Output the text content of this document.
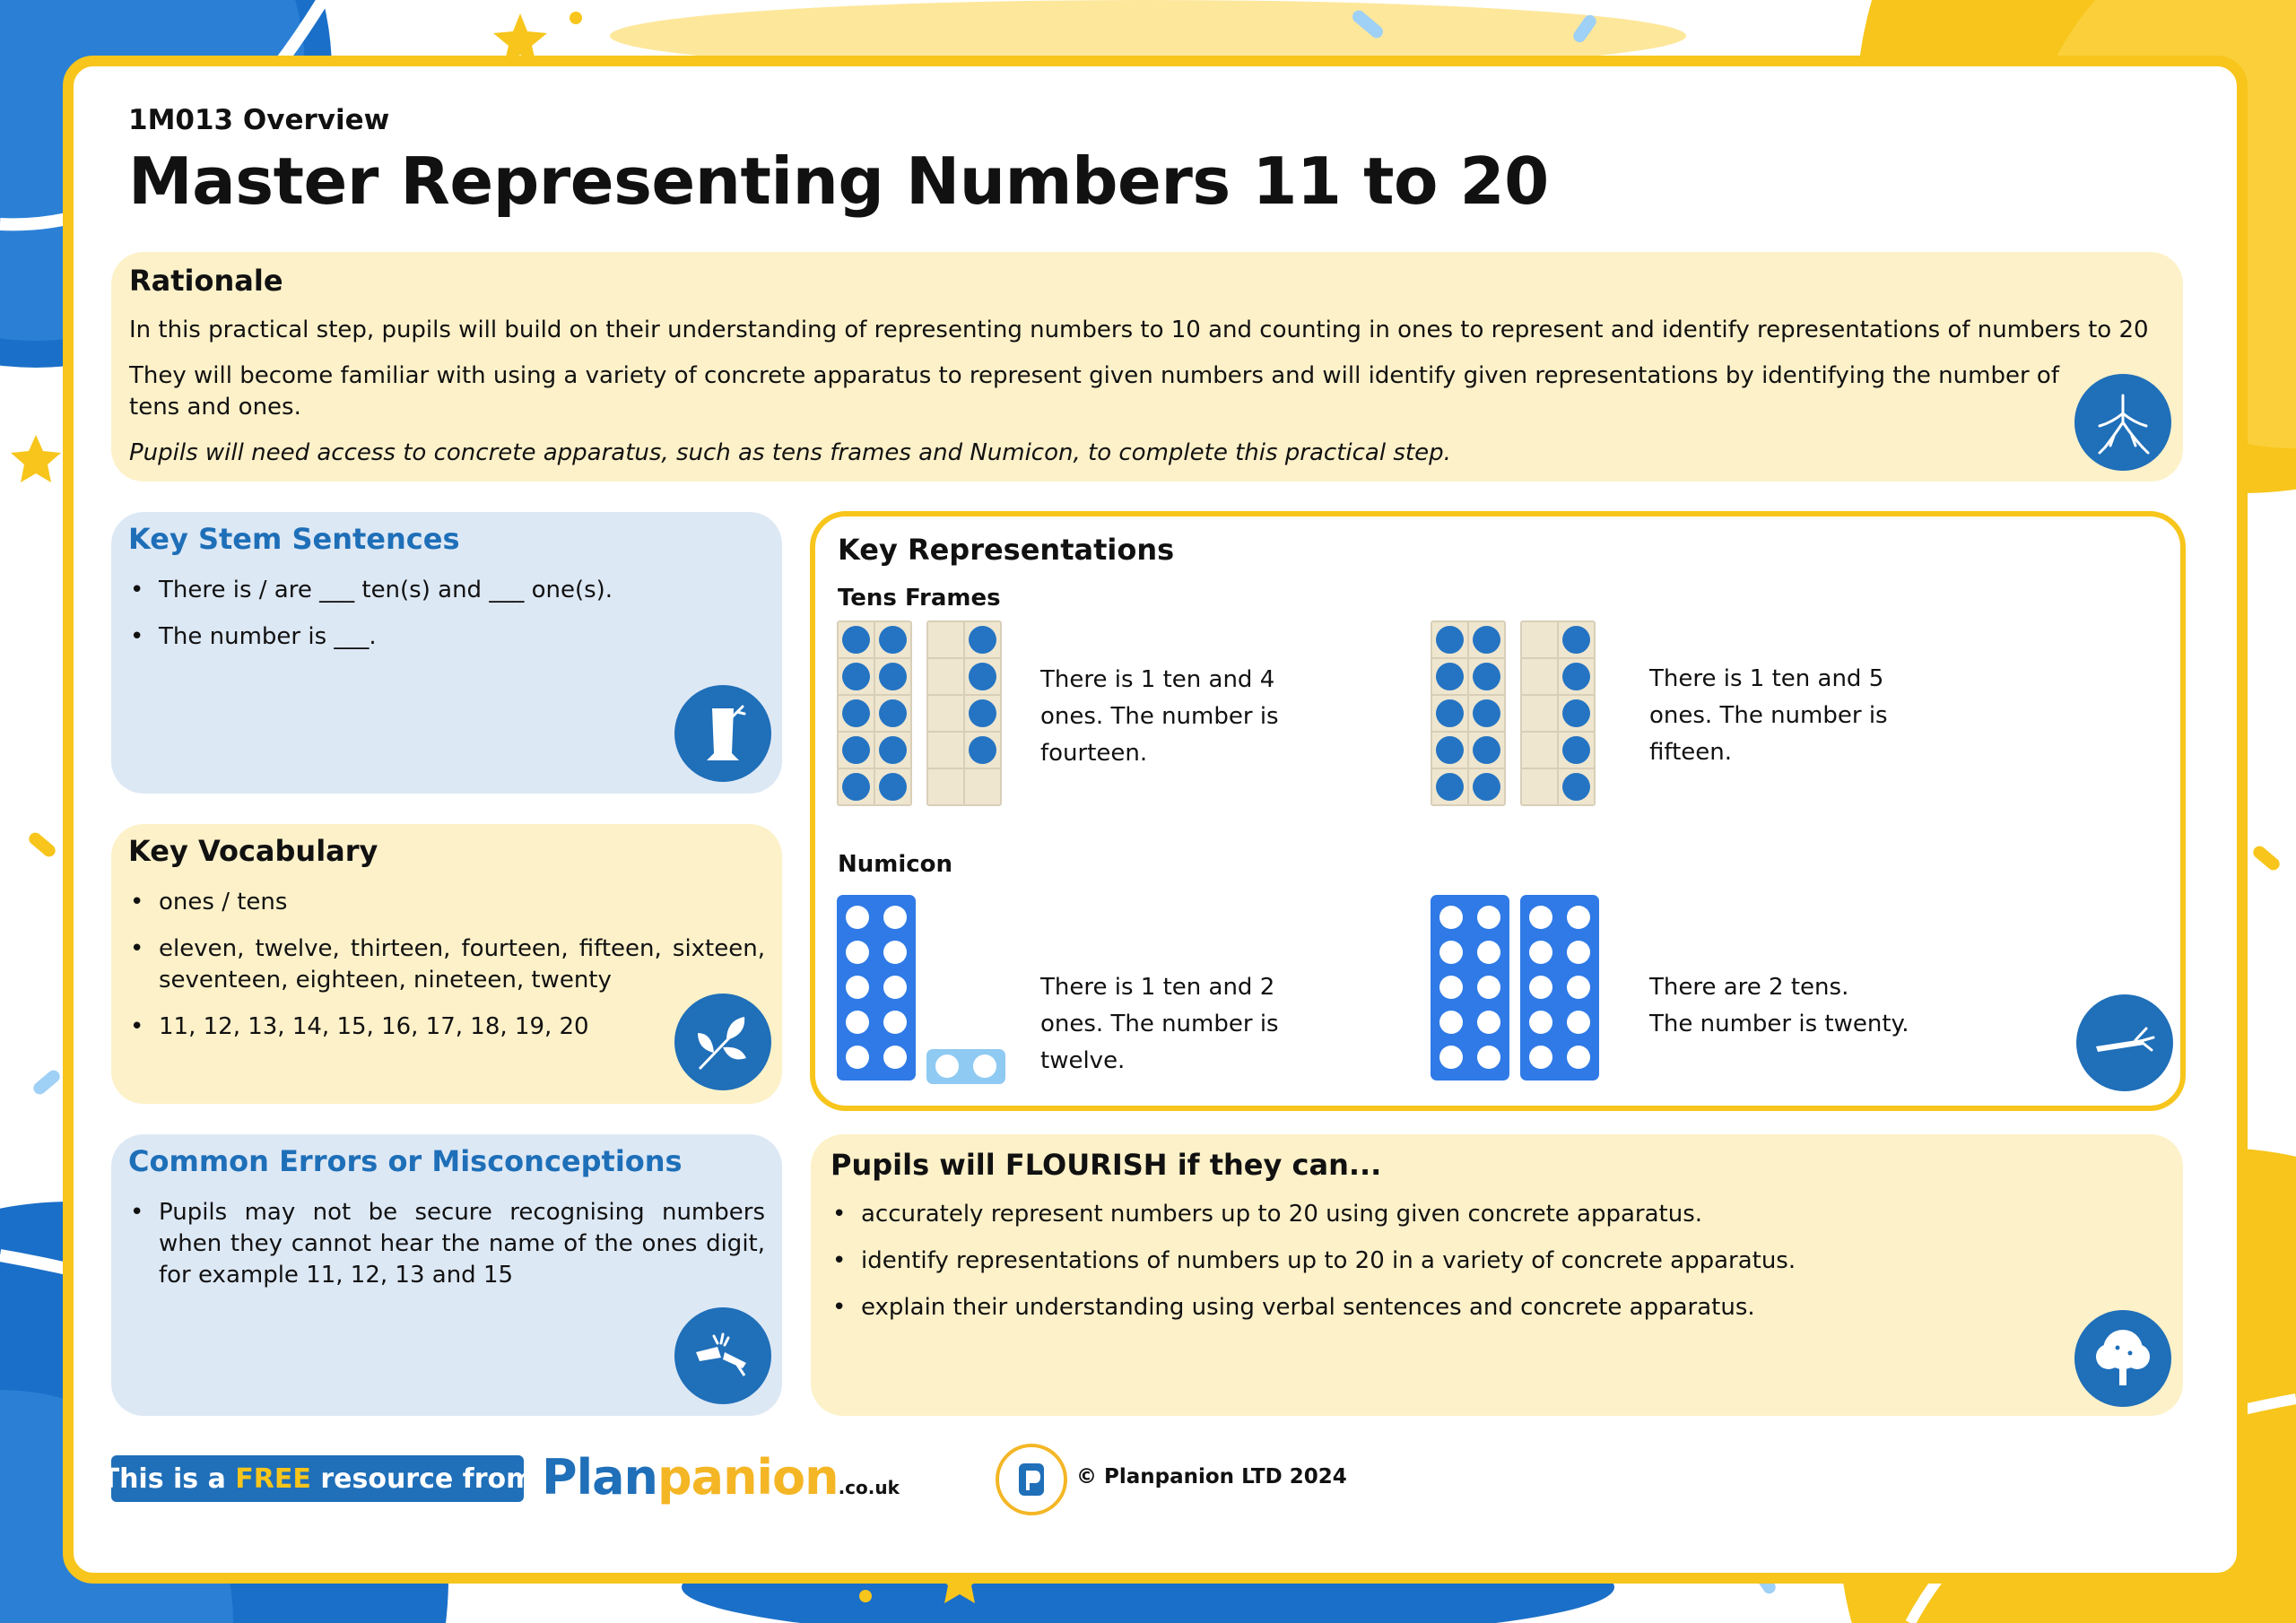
1M013 Overview
Master Representing Numbers 11 to 20
Rationale
In this practical step, pupils will build on their understanding of representing numbers to 10 and counting in ones to represent and identify representations of numbers to 20
They will become familiar with using a variety of concrete apparatus to represent given numbers and will identify given representations by identifying the number of tens and ones.
Pupils will need access to concrete apparatus, such as tens frames and Numicon, to complete this practical step.
Key Stem Sentences
• There is / are ___ ten(s) and ___ one(s).
• The number is ___.
Key Vocabulary
• ones / tens
• eleven, twelve, thirteen, fourteen, fifteen, sixteen, seventeen, eighteen, nineteen, twenty
• 11, 12, 13, 14, 15, 16, 17, 18, 19, 20
Common Errors or Misconceptions
• Pupils may not be secure recognising numbers when they cannot hear the name of the ones digit, for example 11, 12, 13 and 15
Key Representations
Tens Frames
There is 1 ten and 4 ones. The number is fourteen.
There is 1 ten and 5 ones. The number is fifteen.
Numicon
There is 1 ten and 2 ones. The number is twelve.
There are 2 tens.
The number is twenty.
Pupils will FLOURISH if they can...
• accurately represent numbers up to 20 using given concrete apparatus.
• identify representations of numbers up to 20 in a variety of concrete apparatus.
• explain their understanding using verbal sentences and concrete apparatus.
This is a FREE resource from Planpanion.co.uk	© Planpanion LTD 2024
